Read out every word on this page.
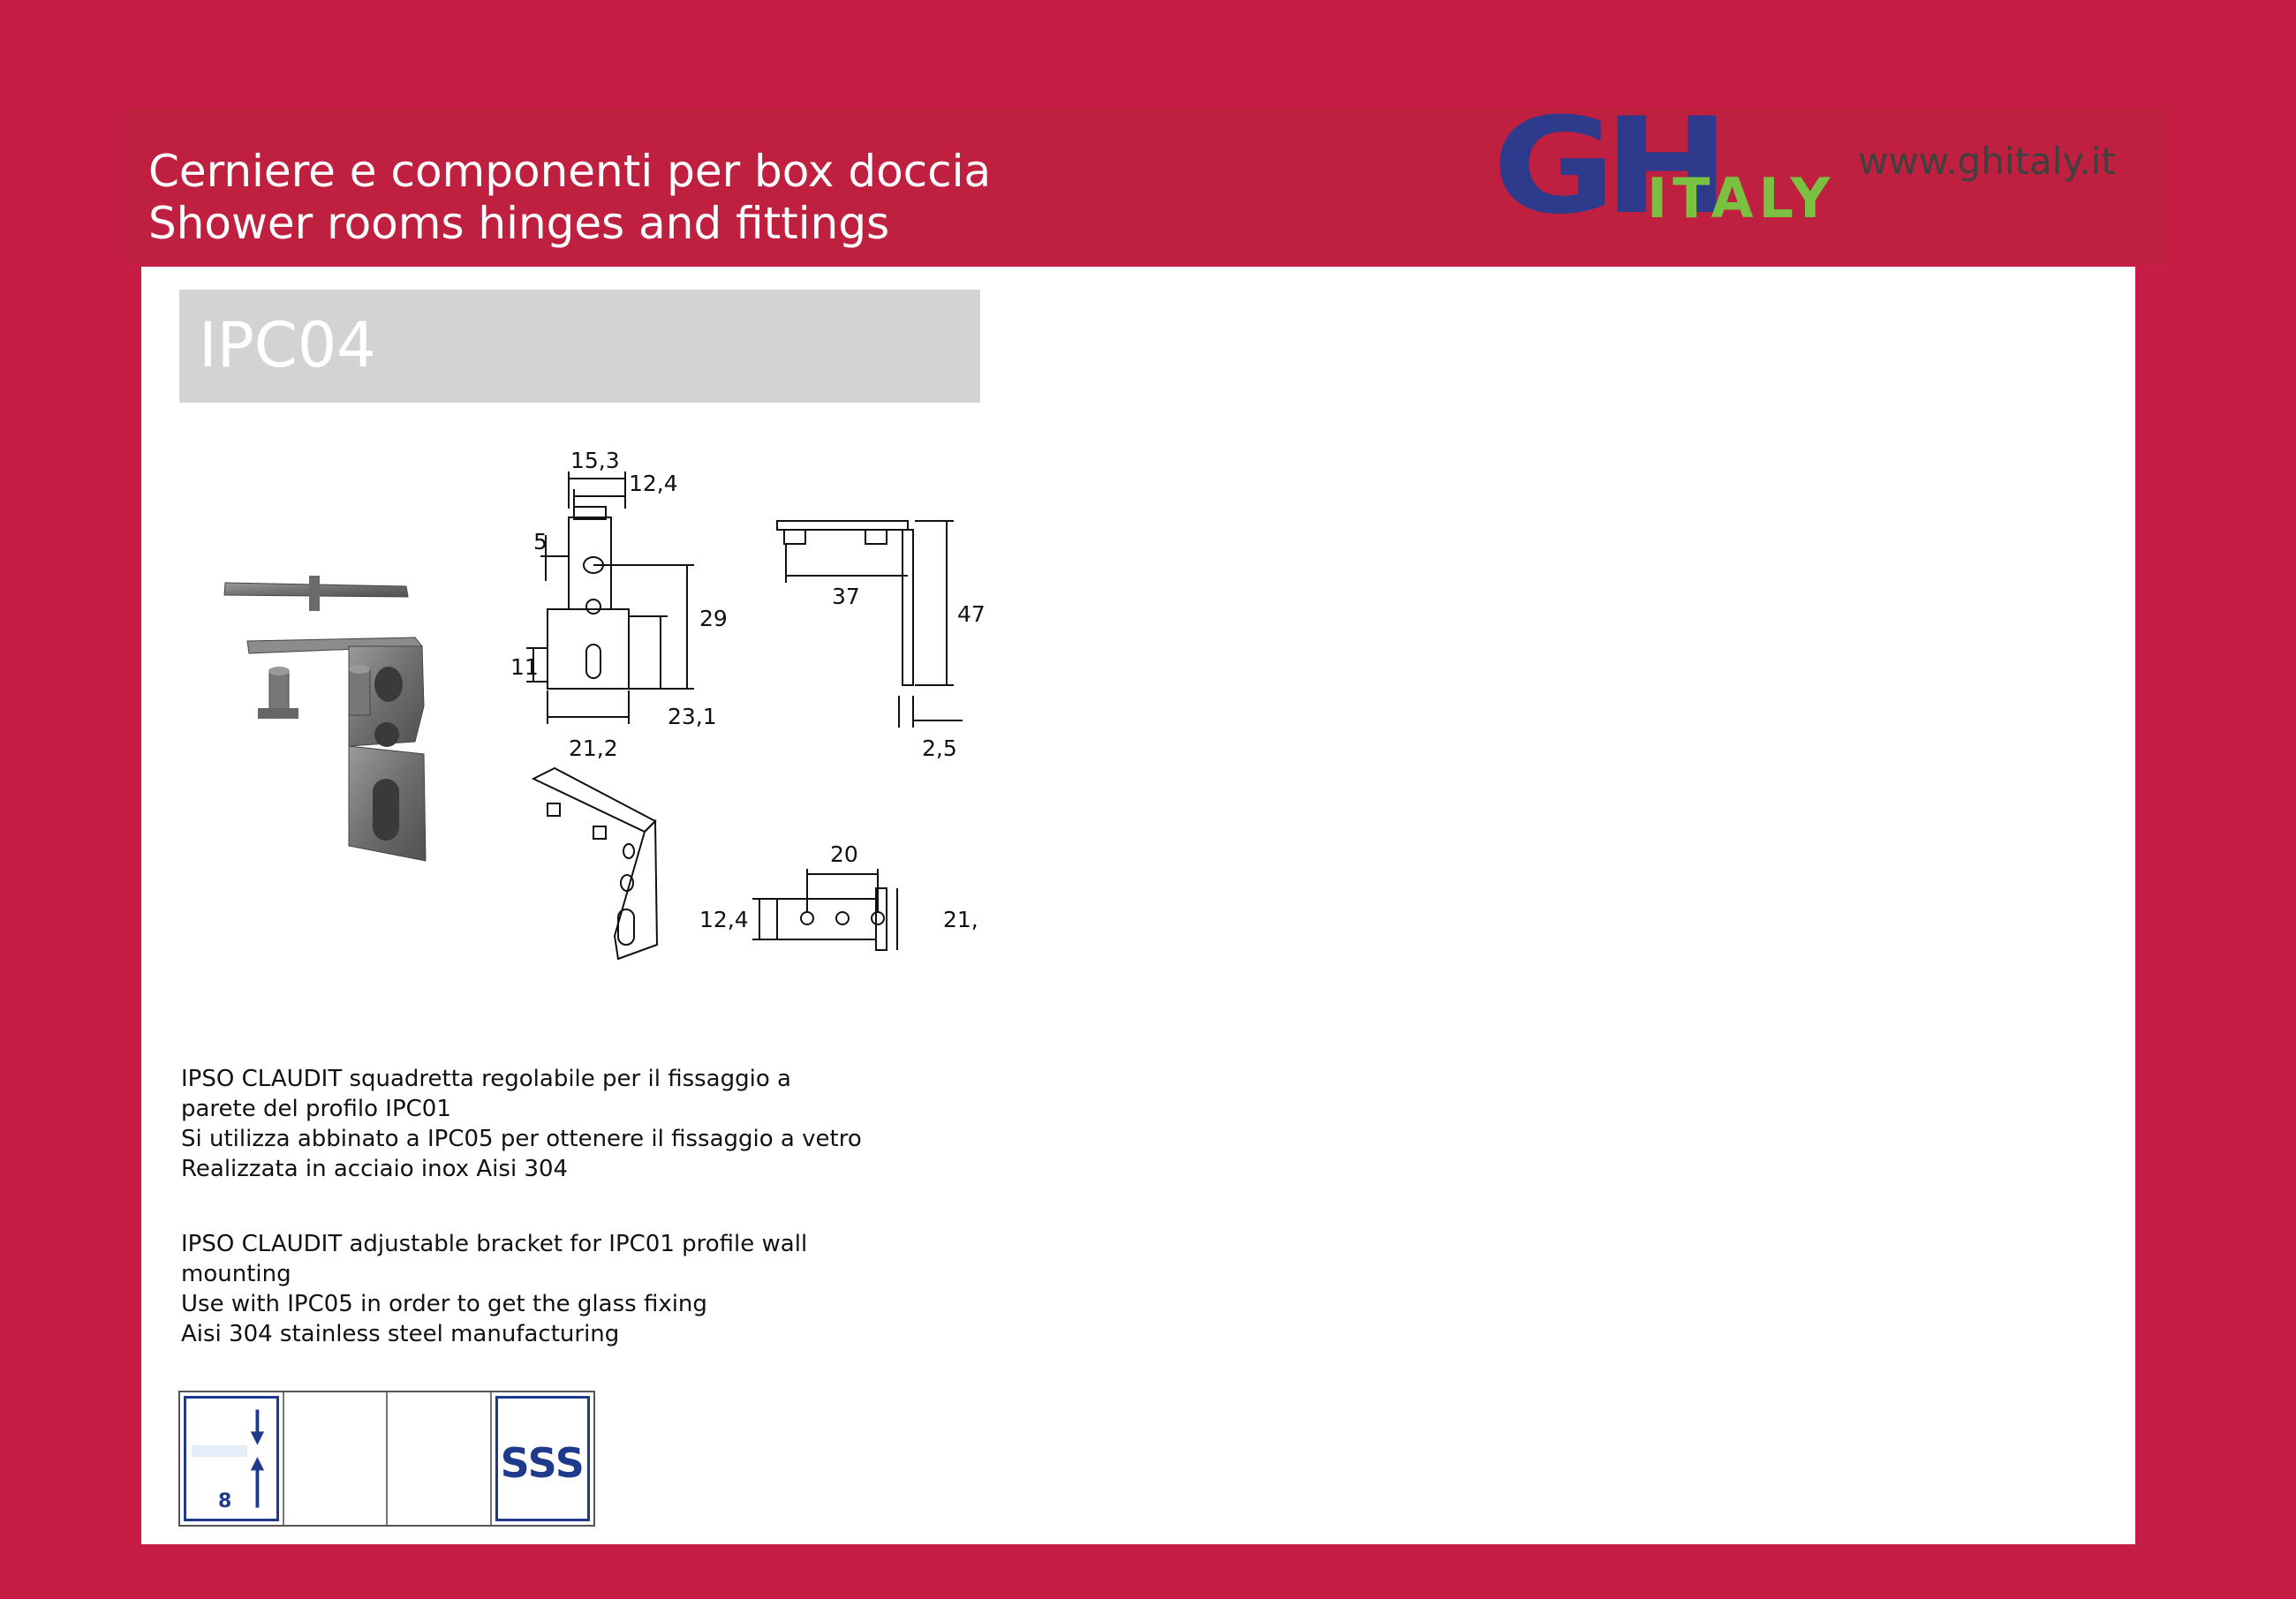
Cerniere e componenti per box doccia
Shower rooms hinges and fittings	GH
ITALY
www.ghitaly.it
IPC04
15,3
12,4
5
29
11
23,1
21,2
37
47
2,5
20
12,4	21,
IPSO CLAUDIT squadretta regolabile per il fissaggio a
parete del profilo IPC01
Si utilizza abbinato a IPC05 per ottenere il fissaggio a vetro
Realizzata in acciaio inox Aisi 304
IPSO CLAUDIT adjustable bracket for IPC01 profile wall
mounting
Use with IPC05 in order to get the glass fixing
Aisi 304 stainless steel manufacturing
8
SSS
